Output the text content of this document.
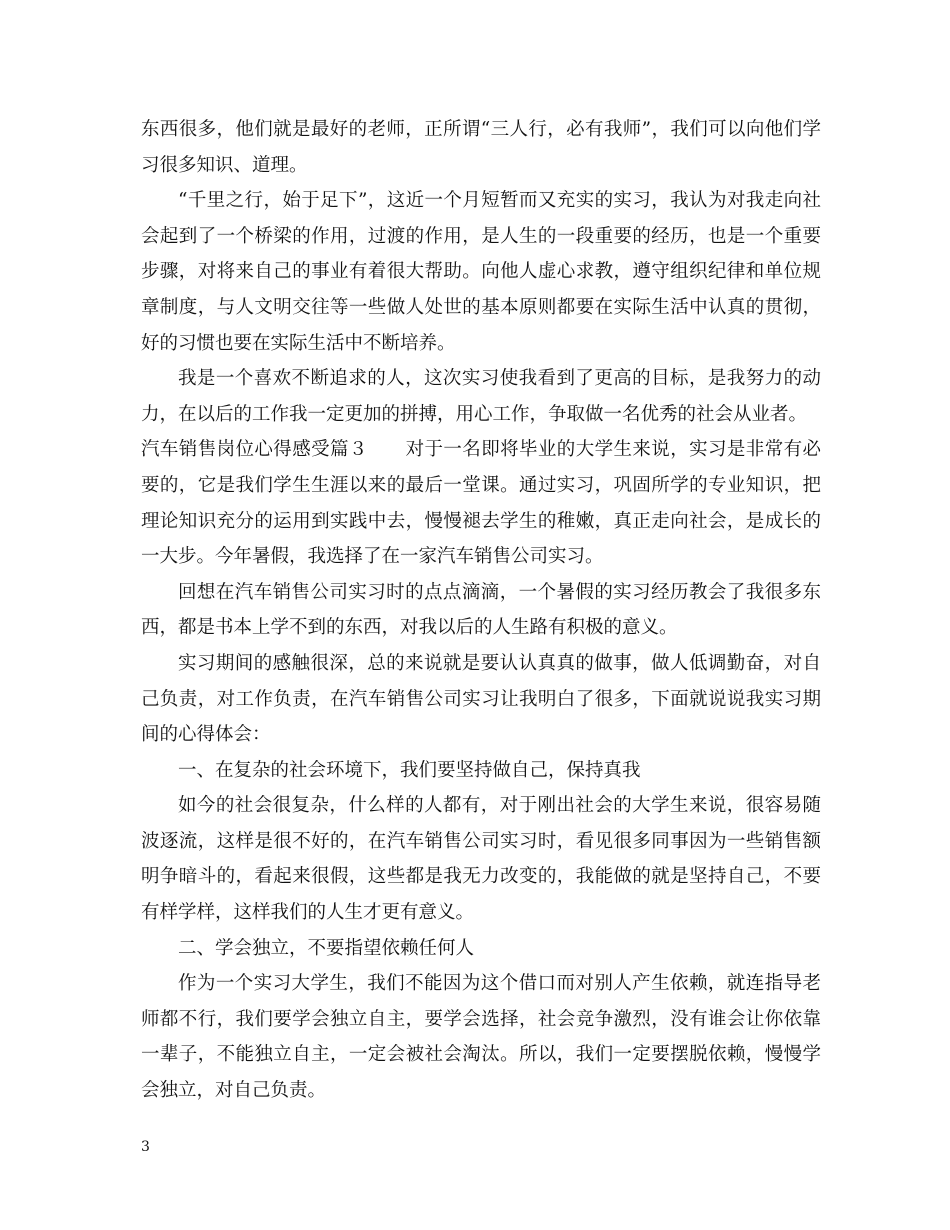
东西很多，他们就是最好的老师，正所谓“三人行，必有我师”，我们可以向他们学习很多知识、道理。

“千里之行，始于足下”，这近一个月短暂而又充实的实习，我认为对我走向社会起到了一个桥梁的作用，过渡的作用，是人生的一段重要的经历，也是一个重要步骤，对将来自己的事业有着很大帮助。向他人虚心求教，遵守组织纪律和单位规章制度，与人文明交往等一些做人处世的基本原则都要在实际生活中认真的贯彻，好的习惯也要在实际生活中不断培养。

我是一个喜欢不断追求的人，这次实习使我看到了更高的目标，是我努力的动力，在以后的工作我一定更加的拼搏，用心工作，争取做一名优秀的社会从业者。

汽车销售岗位心得感受篇３　　对于一名即将毕业的大学生来说，实习是非常有必要的，它是我们学生生涯以来的最后一堂课。通过实习，巩固所学的专业知识，把理论知识充分的运用到实践中去，慢慢褪去学生的稚嫩，真正走向社会，是成长的一大步。今年暑假，我选择了在一家汽车销售公司实习。

回想在汽车销售公司实习时的点点滴滴，一个暑假的实习经历教会了我很多东西，都是书本上学不到的东西，对我以后的人生路有积极的意义。

实习期间的感触很深，总的来说就是要认认真真的做事，做人低调勤奋，对自己负责，对工作负责，在汽车销售公司实习让我明白了很多，下面就说说我实习期间的心得体会：

一、在复杂的社会环境下，我们要坚持做自己，保持真我

如今的社会很复杂，什么样的人都有，对于刚出社会的大学生来说，很容易随波逐流，这样是很不好的，在汽车销售公司实习时，看见很多同事因为一些销售额明争暗斗的，看起来很假，这些都是我无力改变的，我能做的就是坚持自己，不要有样学样，这样我们的人生才更有意义。

二、学会独立，不要指望依赖任何人

作为一个实习大学生，我们不能因为这个借口而对别人产生依赖，就连指导老师都不行，我们要学会独立自主，要学会选择，社会竞争激烈，没有谁会让你依靠一辈子，不能独立自主，一定会被社会淘汰。所以，我们一定要摆脱依赖，慢慢学会独立，对自己负责。

3
